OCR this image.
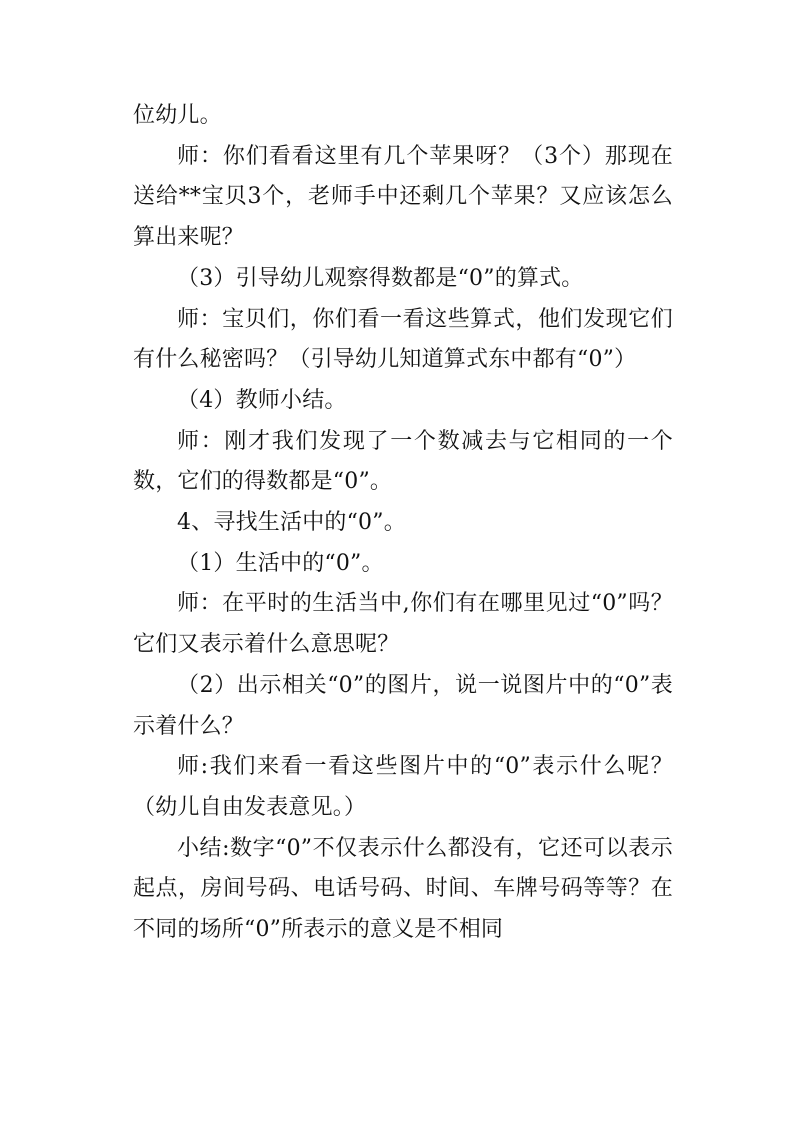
位幼儿。

师：你们看看这里有几个苹果呀？（3个）那现在送给**宝贝3个，老师手中还剩几个苹果？又应该怎么算出来呢？

（3）引导幼儿观察得数都是“0”的算式。

师：宝贝们，你们看一看这些算式，他们发现它们有什么秘密吗？（引导幼儿知道算式东中都有“0”）

（4）教师小结。

师：刚才我们发现了一个数减去与它相同的一个数，它们的得数都是“0”。

4、寻找生活中的“0”。

（1）生活中的“0”。

师：在平时的生活当中,你们有在哪里见过“0”吗？它们又表示着什么意思呢？

（2）出示相关“0”的图片，说一说图片中的“0”表示着什么？

师:我们来看一看这些图片中的“0”表示什么呢？（幼儿自由发表意见。）

小结:数字“0”不仅表示什么都没有，它还可以表示起点，房间号码、电话号码、时间、车牌号码等等？在不同的场所“0”所表示的意义是不相同
